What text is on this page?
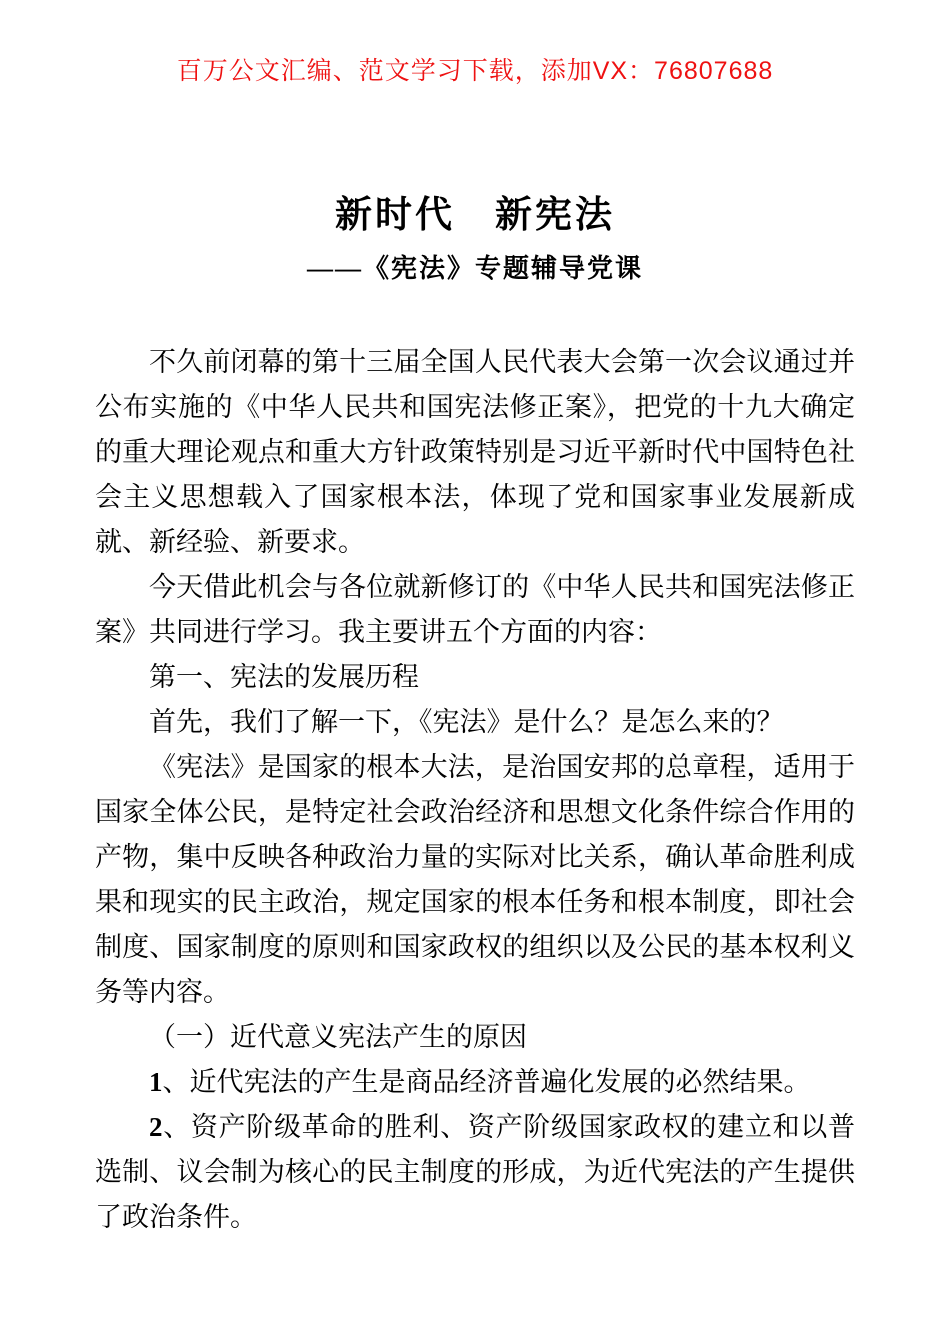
百万公文汇编、范文学习下载，添加VX：76807688
新时代　新宪法
——《宪法》专题辅导党课

不久前闭幕的第十三届全国人民代表大会第一次会议通过并公布实施的《中华人民共和国宪法修正案》，把党的十九大确定的重大理论观点和重大方针政策特别是习近平新时代中国特色社会主义思想载入了国家根本法，体现了党和国家事业发展新成就、新经验、新要求。

今天借此机会与各位就新修订的《中华人民共和国宪法修正案》共同进行学习。我主要讲五个方面的内容：

第一、宪法的发展历程

首先，我们了解一下，《宪法》是什么？是怎么来的？

《宪法》是国家的根本大法，是治国安邦的总章程，适用于国家全体公民，是特定社会政治经济和思想文化条件综合作用的产物，集中反映各种政治力量的实际对比关系，确认革命胜利成果和现实的民主政治，规定国家的根本任务和根本制度，即社会制度、国家制度的原则和国家政权的组织以及公民的基本权利义务等内容。

（一）近代意义宪法产生的原因

1、近代宪法的产生是商品经济普遍化发展的必然结果。

2、资产阶级革命的胜利、资产阶级国家政权的建立和以普选制、议会制为核心的民主制度的形成，为近代宪法的产生提供了政治条件。
